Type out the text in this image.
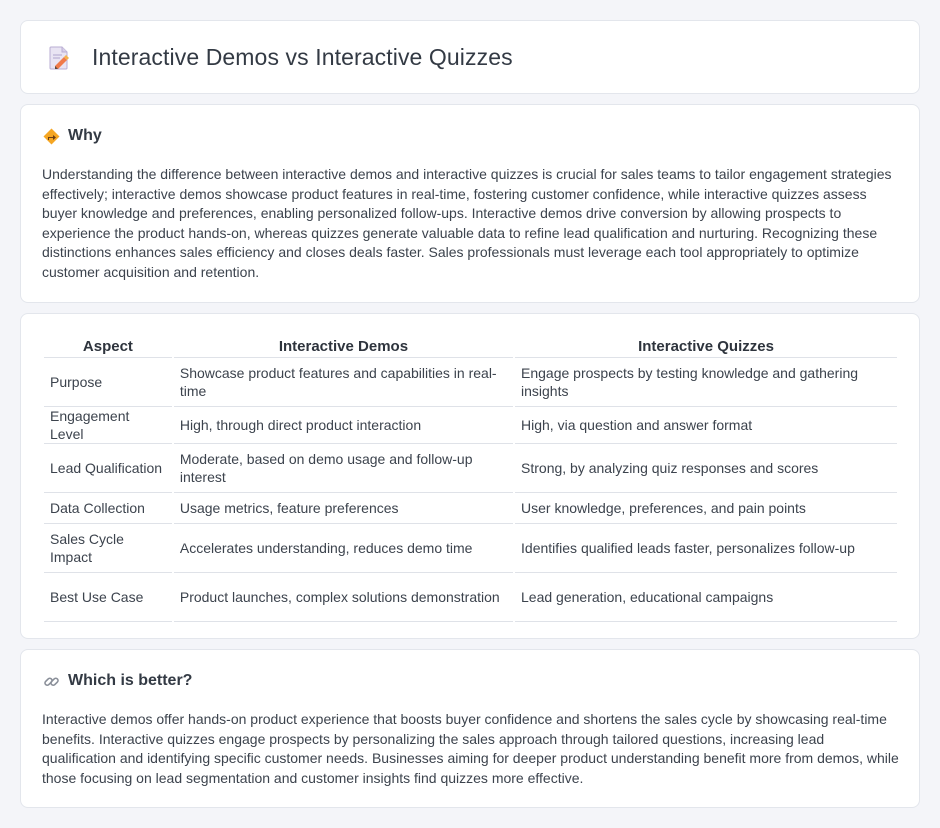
Interactive Demos vs Interactive Quizzes
Why

Understanding the difference between interactive demos and interactive quizzes is crucial for sales teams to tailor engagement strategies effectively; interactive demos showcase product features in real-time, fostering customer confidence, while interactive quizzes assess buyer knowledge and preferences, enabling personalized follow-ups. Interactive demos drive conversion by allowing prospects to experience the product hands-on, whereas quizzes generate valuable data to refine lead qualification and nurturing. Recognizing these distinctions enhances sales efficiency and closes deals faster. Sales professionals must leverage each tool appropriately to optimize customer acquisition and retention.

Aspect	Interactive Demos	Interactive Quizzes
Purpose	Showcase product features and capabilities in real-time	Engage prospects by testing knowledge and gathering insights
Engagement Level	High, through direct product interaction	High, via question and answer format
Lead Qualification	Moderate, based on demo usage and follow-up interest	Strong, by analyzing quiz responses and scores
Data Collection	Usage metrics, feature preferences	User knowledge, preferences, and pain points
Sales Cycle Impact	Accelerates understanding, reduces demo time	Identifies qualified leads faster, personalizes follow-up
Best Use Case	Product launches, complex solutions demonstration	Lead generation, educational campaigns
Which is better?

Interactive demos offer hands-on product experience that boosts buyer confidence and shortens the sales cycle by showcasing real-time benefits. Interactive quizzes engage prospects by personalizing the sales approach through tailored questions, increasing lead qualification and identifying specific customer needs. Businesses aiming for deeper product understanding benefit more from demos, while those focusing on lead segmentation and customer insights find quizzes more effective.
